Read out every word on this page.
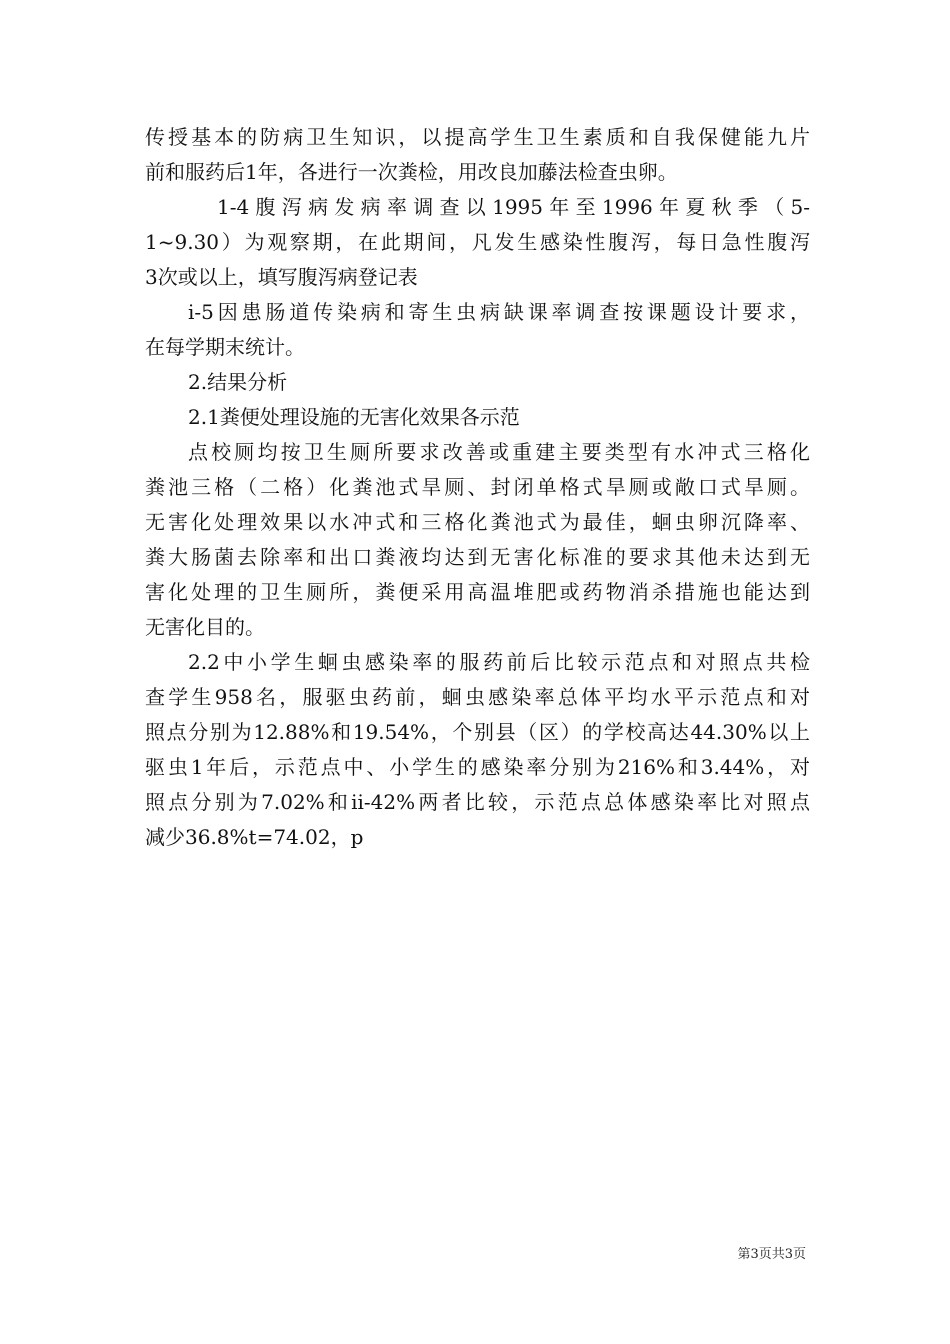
传授基本的防病卫生知识，以提高学生卫生素质和自我保健能九片
前和服药后1年，各进行一次粪检，用改良加藤法检查虫卵。
1-4腹泻病发病率调查以1995年至1996年夏秋季（5-
1~9.30）为观察期，在此期间，凡发生感染性腹泻，每日急性腹泻
3次或以上，填写腹泻病登记表
i-5因患肠道传染病和寄生虫病缺课率调查按课题设计要求，
在每学期末统计。
2.结果分析
2.1粪便处理设施的无害化效果各示范
点校厕均按卫生厕所要求改善或重建主要类型有水冲式三格化
粪池三格（二格）化粪池式旱厕、封闭单格式旱厕或敞口式旱厕。
无害化处理效果以水冲式和三格化粪池式为最佳，蛔虫卵沉降率、
粪大肠菌去除率和出口粪液均达到无害化标准的要求其他未达到无
害化处理的卫生厕所，粪便采用高温堆肥或药物消杀措施也能达到
无害化目的。
2.2中小学生蛔虫感染率的服药前后比较示范点和对照点共检
查学生958名，服驱虫药前，蛔虫感染率总体平均水平示范点和对
照点分别为12.88%和19.54%，个别县（区）的学校高达44.30%以上
驱虫1年后，示范点中、小学生的感染率分别为216%和3.44%，对
照点分别为7.02%和ii-42%两者比较，示范点总体感染率比对照点
减少36.8%t=74.02，p
第3页共3页
